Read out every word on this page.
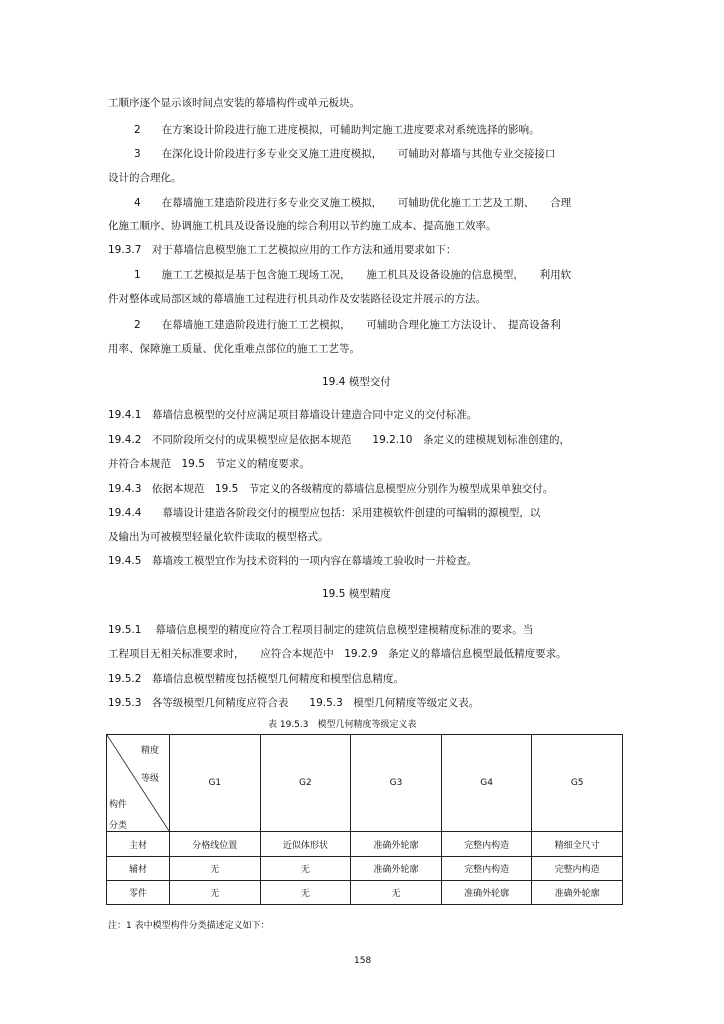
工顺序逐个显示该时间点安装的幕墙构件或单元板块。
2　　在方案设计阶段进行施工进度模拟，可辅助判定施工进度要求对系统选择的影响。
3　　在深化设计阶段进行多专业交叉施工进度模拟，　　可辅助对幕墙与其他专业交接接口
设计的合理化。
4　　在幕墙施工建造阶段进行多专业交叉施工模拟，　　可辅助优化施工工艺及工期、　　合理
化施工顺序、协调施工机具及设备设施的综合利用以节约施工成本、提高施工效率。
19.3.7　对于幕墙信息模型施工工艺模拟应用的工作方法和通用要求如下：
1　　施工工艺模拟是基于包含施工现场工况，　　施工机具及设备设施的信息模型，　　利用软
件对整体或局部区域的幕墙施工过程进行机具动作及安装路径设定并展示的方法。
2　　在幕墙施工建造阶段进行施工工艺模拟，　　可辅助合理化施工方法设计、　提高设备利
用率、保障施工质量、优化重难点部位的施工工艺等。
19.4 模型交付
19.4.1　幕墙信息模型的交付应满足项目幕墙设计建造合同中定义的交付标准。
19.4.2　不同阶段所交付的成果模型应是依据本规范　　19.2.10　条定义的建模规划标准创建的，
并符合本规范　19.5　节定义的精度要求。
19.4.3　依据本规范　19.5　节定义的各级精度的幕墙信息模型应分别作为模型成果单独交付。
19.4.4　　幕墙设计建造各阶段交付的模型应包括：采用建模软件创建的可编辑的源模型，以
及输出为可被模型轻量化软件读取的模型格式。
19.4.5　幕墙竣工模型宜作为技术资料的一项内容在幕墙竣工验收时一并检查。
19.5 模型精度
19.5.1　 幕墙信息模型的精度应符合工程项目制定的建筑信息模型建模精度标准的要求。当
工程项目无相关标准要求时，　　应符合本规范中　19.2.9　条定义的幕墙信息模型最低精度要求。
19.5.2　幕墙信息模型精度包括模型几何精度和模型信息精度。
19.5.3　各等级模型几何精度应符合表　　19.5.3　模型几何精度等级定义表。
表 19.5.3　模型几何精度等级定义表
精度
等级
构件
分类	G1	G2	G3	G4	G5
主材	分格线位置	近似体形状	准确外轮廓	完整内构造	精细全尺寸
辅材	无	无	准确外轮廓	完整内构造	完整内构造
零件	无	无	无	准确外轮廓	准确外轮廓
注：1 表中模型构件分类描述定义如下：
158
